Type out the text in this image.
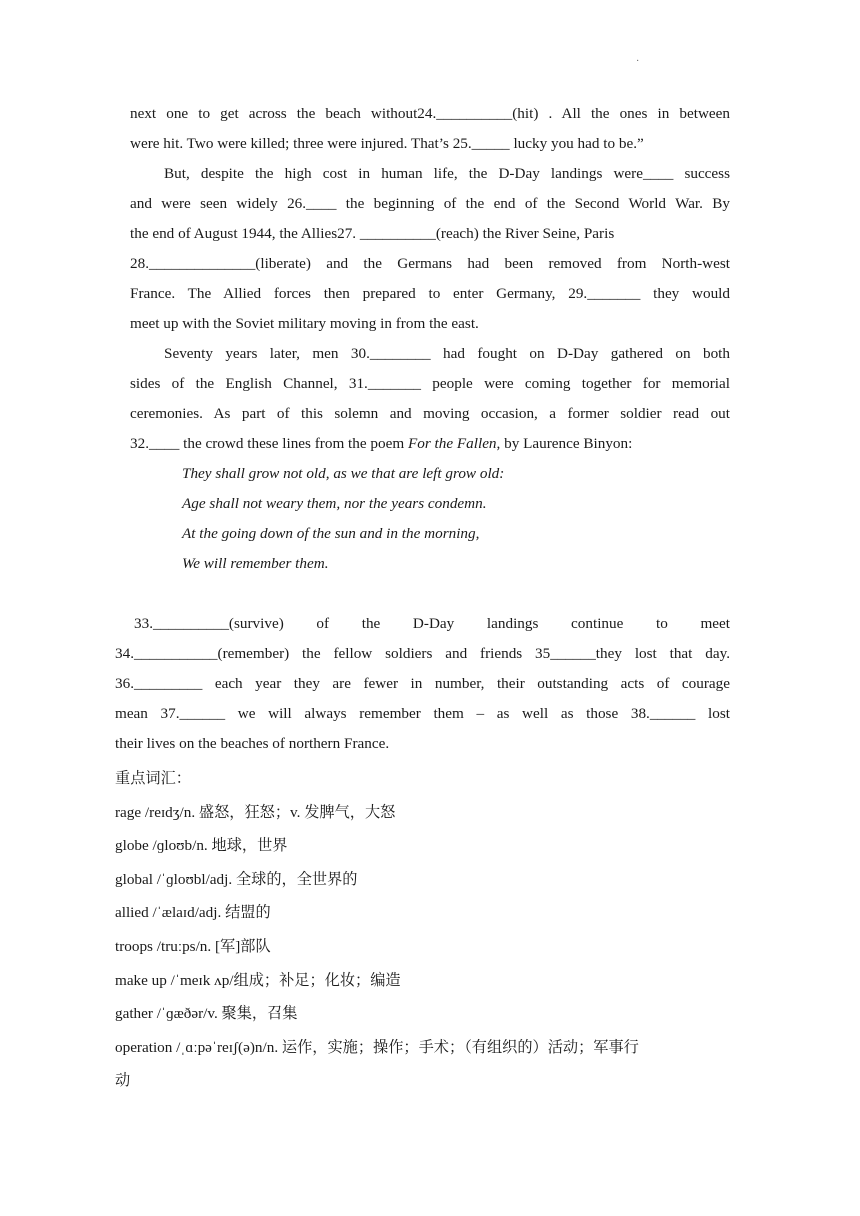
·

next one to get across the beach without24.__________(hit) . All the ones in between

were hit. Two were killed; three were injured. That’s 25._____ lucky you had to be.”

But, despite the high cost in human life, the D-Day landings were____ success

and were seen widely 26.____ the beginning of the end of the Second World War. By

the end of August 1944, the Allies27. __________(reach) the River Seine, Paris

28.______________(liberate) and the Germans had been removed from North-west

France. The Allied forces then prepared to enter Germany, 29._______ they would

meet up with the Soviet military moving in from the east.

Seventy years later, men 30.________ had fought on D-Day gathered on both

sides of the English Channel, 31._______ people were coming together for memorial

ceremonies. As part of this solemn and moving occasion, a former soldier read out

32.____ the crowd these lines from the poem For the Fallen, by Laurence Binyon:

They shall grow not old, as we that are left grow old:

Age shall not weary them, nor the years condemn.

At the going down of the sun and in the morning,

We will remember them.

33.__________(survive) of the D-Day landings continue to meet

34.___________(remember) the fellow soldiers and friends 35______they lost that day.

36._________ each year they are fewer in number, their outstanding acts of courage

mean 37.______ we will always remember them – as well as those 38.______ lost

their lives on the beaches of northern France.

重点词汇：

rage /reɪdʒ/n. 盛怒，狂怒；v. 发脾气，大怒

globe /ɡloʊb/n. 地球，世界

global /ˈɡloʊbl/adj. 全球的，全世界的

allied /ˈælaɪd/adj. 结盟的

troops /truːps/n. [军]部队

make up /ˈmeɪk ʌp/组成；补足；化妆；编造

gather /ˈɡæðər/v. 聚集，召集

operation /ˌɑːpəˈreɪʃ(ə)n/n. 运作，实施；操作；手术；（有组织的）活动；军事行

动
